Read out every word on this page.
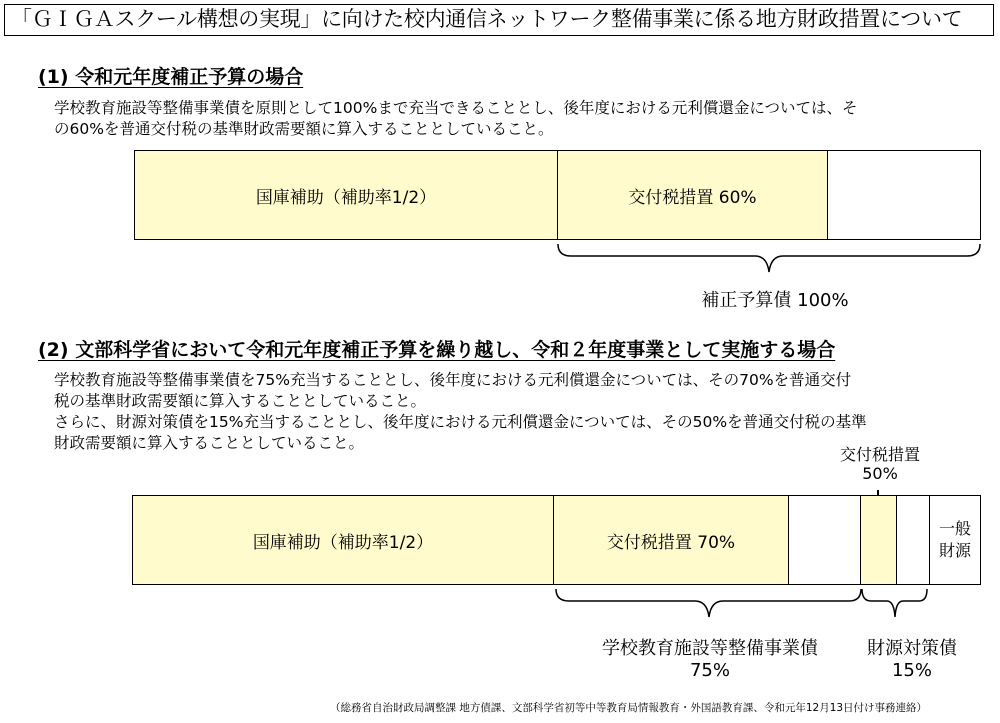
「ＧＩＧＡスクール構想の実現」に向けた校内通信ネットワーク整備事業に係る地方財政措置について
(1) 令和元年度補正予算の場合
学校教育施設等整備事業債を原則として100%まで充当できることとし、後年度における元利償還金については、そ
の60%を普通交付税の基準財政需要額に算入することとしていること。
国庫補助（補助率1/2）	交付税措置 60%
補正予算債 100%
(2) 文部科学省において令和元年度補正予算を繰り越し、令和２年度事業として実施する場合
学校教育施設等整備事業債を75%充当することとし、後年度における元利償還金については、その70%を普通交付
税の基準財政需要額に算入することとしていること。
さらに、財源対策債を15%充当することとし、後年度における元利償還金については、その50%を普通交付税の基準
財政需要額に算入することとしていること。
交付税措置
50%
国庫補助（補助率1/2）	交付税措置 70%
一般
財源
学校教育施設等整備事業債
75%
財源対策債
15%
（総務省自治財政局調整課 地方債課、文部科学省初等中等教育局情報教育・外国語教育課、令和元年12月13日付け事務連絡）
